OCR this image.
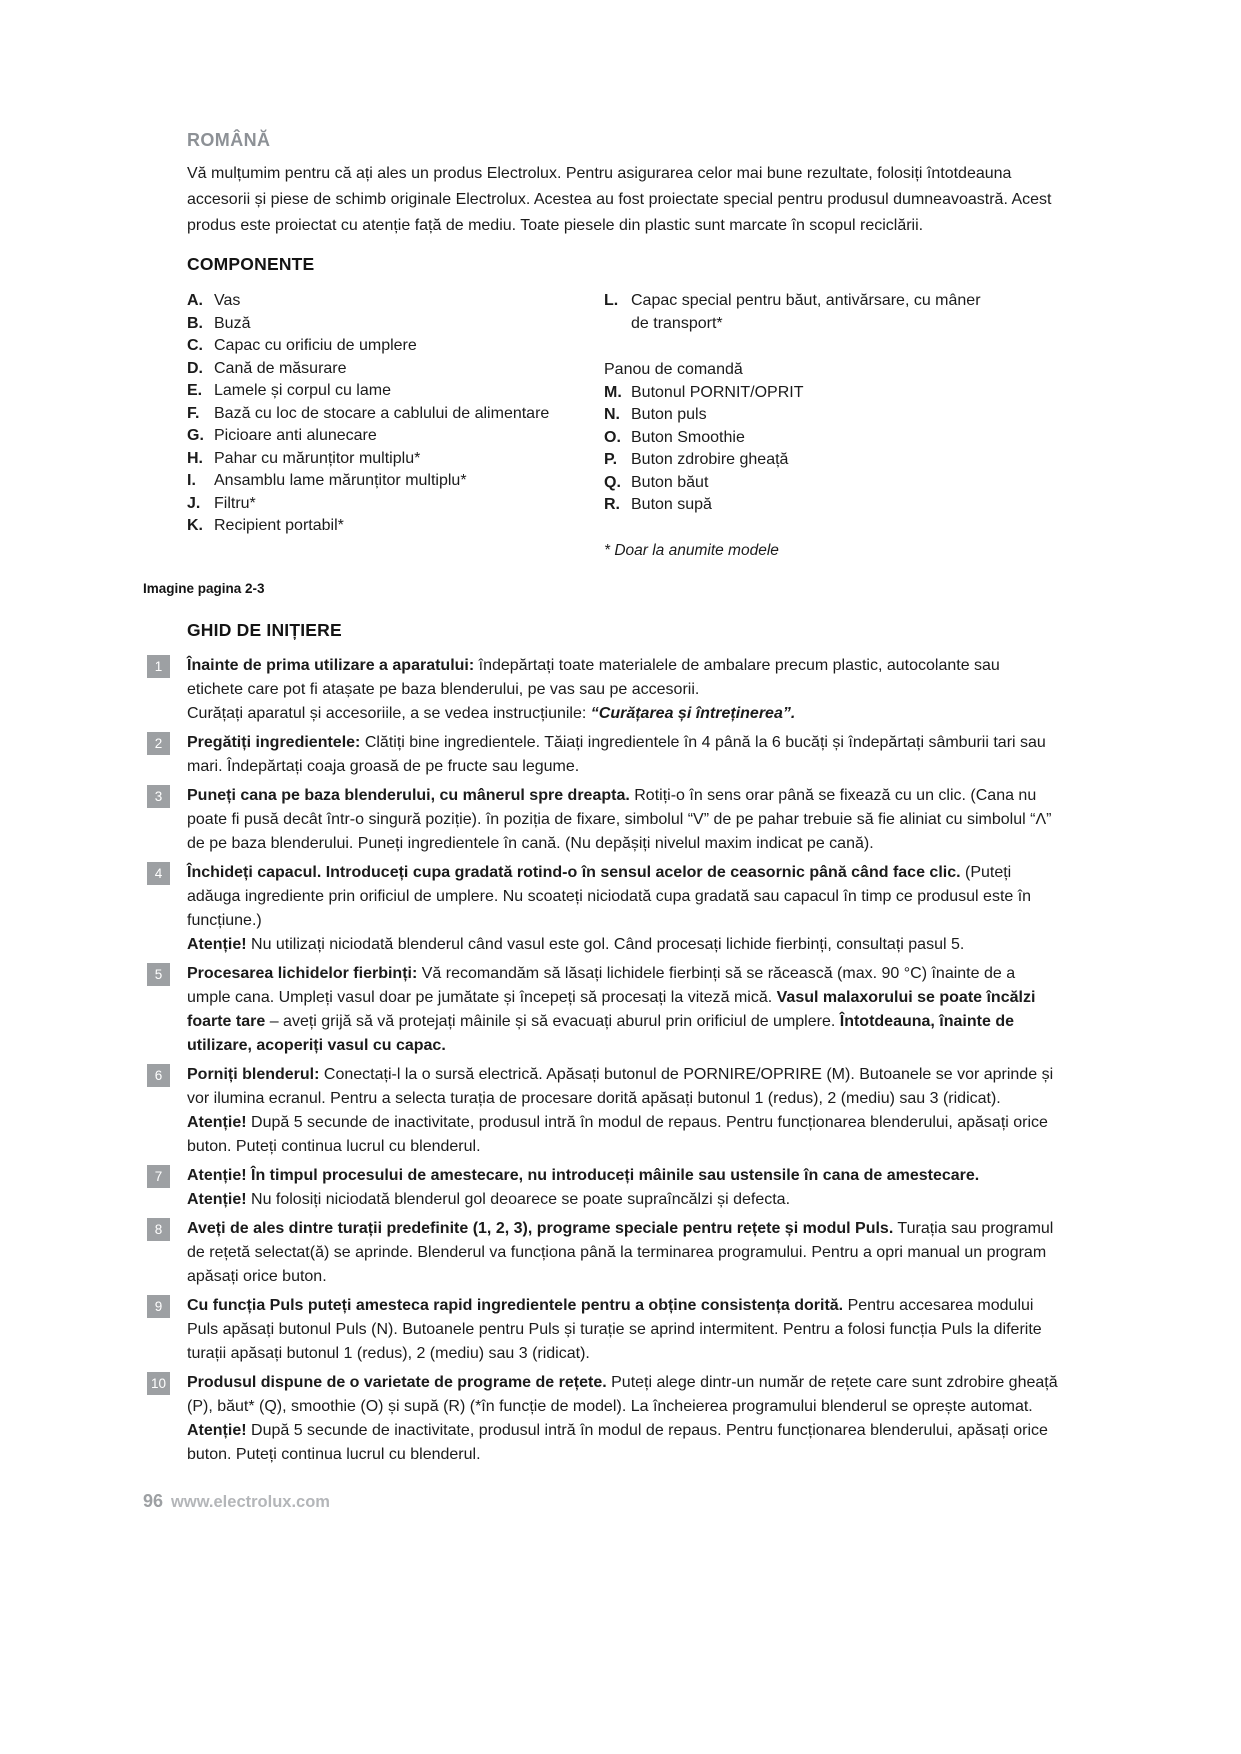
ROMÂNĂ
Vă mulțumim pentru că ați ales un produs Electrolux. Pentru asigurarea celor mai bune rezultate, folosiți întotdeauna accesorii și piese de schimb originale Electrolux. Acestea au fost proiectate special pentru produsul dumneavoastră. Acest produs este proiectat cu atenție față de mediu. Toate piesele din plastic sunt marcate în scopul reciclării.
COMPONENTE
A. Vas
B. Buză
C. Capac cu orificiu de umplere
D. Cană de măsurare
E. Lamele și corpul cu lame
F. Bază cu loc de stocare a cablului de alimentare
G. Picioare anti alunecare
H. Pahar cu mărunțitor multiplu*
I.	Ansamblu lame mărunțitor multiplu*
J. Filtru*
K. Recipient portabil*
L. Capac special pentru băut, antivărsare, cu mâner de transport*
Panou de comandă
M. Butonul PORNIT/OPRIT
N. Buton puls
O. Buton Smoothie
P. Buton zdrobire gheață
Q. Buton băut
R. Buton supă
* Doar la anumite modele
Imagine pagina 2-3
GHID DE INIȚIERE
1	Înainte de prima utilizare a aparatului: îndepărtați toate materialele de ambalare precum plastic, autocolante sau etichete care pot fi atașate pe baza blenderului, pe vas sau pe accesorii.

Curățați aparatul și accesoriile, a se vedea instrucțiunile: “Curățarea și întreținerea”.

2	Pregătiți ingredientele: Clătiți bine ingredientele. Tăiați ingredientele în 4 până la 6 bucăți și îndepărtați sâmburii tari sau mari. Îndepărtați coaja groasă de pe fructe sau legume.

3	Puneți cana pe baza blenderului, cu mânerul spre dreapta. Rotiți-o în sens orar până se fixează cu un clic. (Cana nu poate fi pusă decât într-o singură poziție). în poziția de fixare, simbolul “V” de pe pahar trebuie să fie aliniat cu simbolul “Λ” de pe baza blenderului. Puneți ingredientele în cană. (Nu depășiți nivelul maxim indicat pe cană).

4	Închideți capacul. Introduceți cupa gradată rotind-o în sensul acelor de ceasornic până când face clic. (Puteți adăuga ingrediente prin orificiul de umplere. Nu scoateți niciodată cupa gradată sau capacul în timp ce produsul este în funcțiune.)

Atenție! Nu utilizați niciodată blenderul când vasul este gol. Când procesați lichide fierbinți, consultați pasul 5.

5	Procesarea lichidelor fierbinți: Vă recomandăm să lăsați lichidele fierbinți să se răcească (max. 90 °C) înainte de a umple cana. Umpleți vasul doar pe jumătate și începeți să procesați la viteză mică. Vasul malaxorului se poate încălzi foarte tare – aveți grijă să vă protejați mâinile și să evacuați aburul prin orificiul de umplere. Întotdeauna, înainte de utilizare, acoperiți vasul cu capac.

6	Porniți blenderul: Conectați-l la o sursă electrică. Apăsați butonul de PORNIRE/OPRIRE (M). Butoanele se vor aprinde și vor ilumina ecranul. Pentru a selecta turația de procesare dorită apăsați butonul 1 (redus), 2 (mediu) sau 3 (ridicat).

Atenție! După 5 secunde de inactivitate, produsul intră în modul de repaus. Pentru funcționarea blenderului, apăsați orice buton. Puteți continua lucrul cu blenderul.

7	Atenție! În timpul procesului de amestecare, nu introduceți mâinile sau ustensile în cana de amestecare.

Atenție! Nu folosiți niciodată blenderul gol deoarece se poate supraîncălzi și defecta.

8	Aveți de ales dintre turații predefinite (1, 2, 3), programe speciale pentru rețete și modul Puls. Turația sau programul de rețetă selectat(ă) se aprinde. Blenderul va funcționa până la terminarea programului. Pentru a opri manual un program apăsați orice buton.

9	Cu funcția Puls puteți amesteca rapid ingredientele pentru a obține consistența dorită. Pentru accesarea modului Puls apăsați butonul Puls (N). Butoanele pentru Puls și turație se aprind intermitent. Pentru a folosi funcția Puls la diferite turații apăsați butonul 1 (redus), 2 (mediu) sau 3 (ridicat).

10 Produsul dispune de o varietate de programe de rețete. Puteți alege dintr-un număr de rețete care sunt zdrobire gheață (P), băut* (Q), smoothie (O) și supă (R) (*în funcție de model). La încheierea programului blenderul se oprește automat.

Atenție! După 5 secunde de inactivitate, produsul intră în modul de repaus. Pentru funcționarea blenderului, apăsați orice buton. Puteți continua lucrul cu blenderul.

96 www.electrolux.com
